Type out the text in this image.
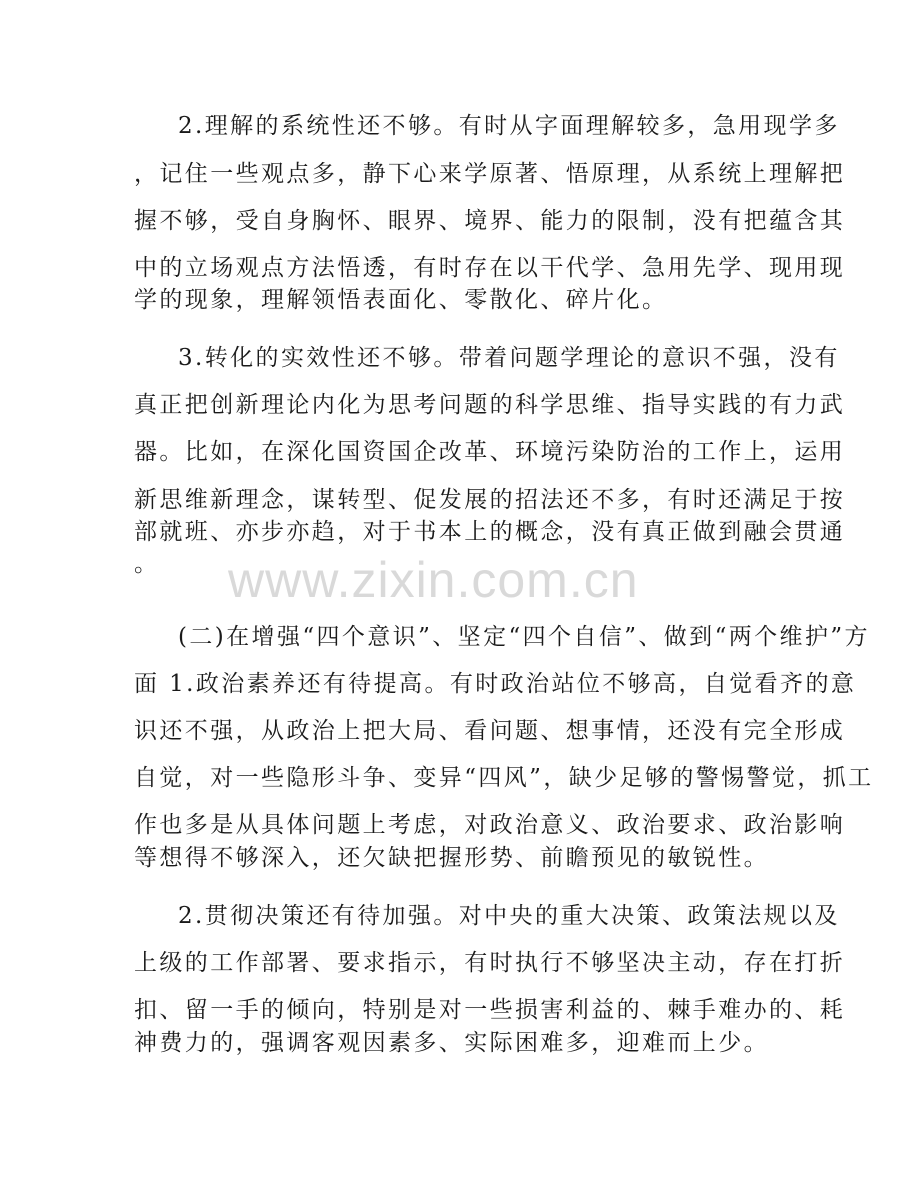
www.zixin.com.cn
2.理解的系统性还不够。有时从字面理解较多，急用现学多
，记住一些观点多，静下心来学原著、悟原理，从系统上理解把
握不够，受自身胸怀、眼界、境界、能力的限制，没有把蕴含其
中的立场观点方法悟透，有时存在以干代学、急用先学、现用现
学的现象，理解领悟表面化、零散化、碎片化。
3.转化的实效性还不够。带着问题学理论的意识不强，没有
真正把创新理论内化为思考问题的科学思维、指导实践的有力武
器。比如，在深化国资国企改革、环境污染防治的工作上，运用
新思维新理念，谋转型、促发展的招法还不多，有时还满足于按
部就班、亦步亦趋，对于书本上的概念，没有真正做到融会贯通
。
(二)在增强“四个意识”、坚定“四个自信”、做到“两个维护”方
面 1.政治素养还有待提高。有时政治站位不够高，自觉看齐的意
识还不强，从政治上把大局、看问题、想事情，还没有完全形成
自觉，对一些隐形斗争、变异“四风”，缺少足够的警惕警觉，抓工
作也多是从具体问题上考虑，对政治意义、政治要求、政治影响
等想得不够深入，还欠缺把握形势、前瞻预见的敏锐性。
2.贯彻决策还有待加强。对中央的重大决策、政策法规以及
上级的工作部署、要求指示，有时执行不够坚决主动，存在打折
扣、留一手的倾向，特别是对一些损害利益的、棘手难办的、耗
神费力的，强调客观因素多、实际困难多，迎难而上少。
